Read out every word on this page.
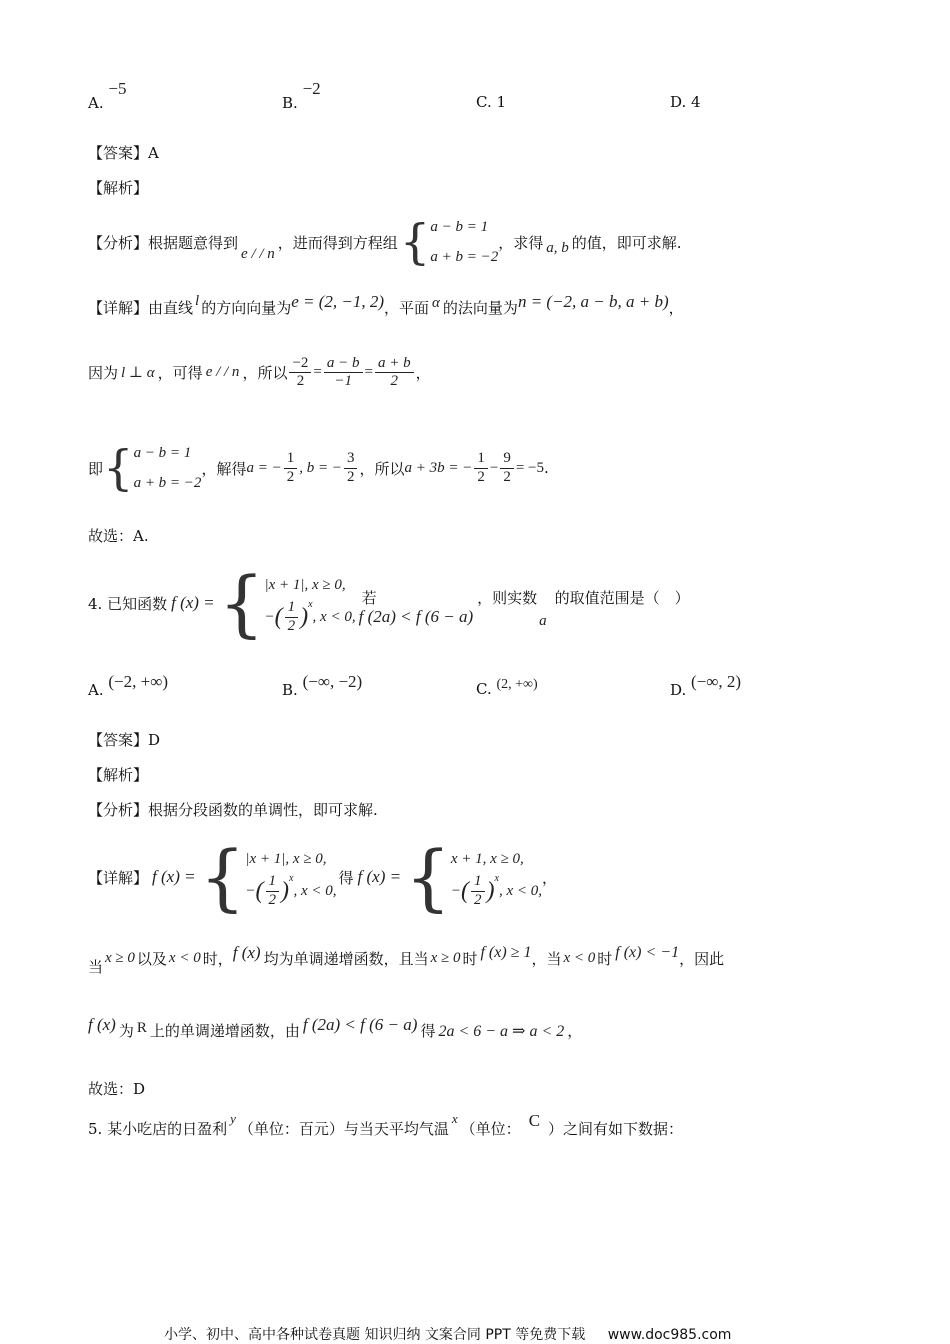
A. −5
B. −2
C. 1	D. 4
【答案】A
【解析】
【分析】 根据题意得到
e / / n
，进而得到方程组 { a − b = 1
a + b = −2
，求得 a, b 的值，即可求解.
【详解】 由直线 l 的方向向量为 e = (2, −1, 2) ，平面 α 的法向量为 n = (−2, a − b, a + b) ，
因为 l ⊥ α ，可得 e / / n ，所以 $\frac{-2}{2} = \frac{a - b}{-1} = \frac{a + b}{2}$ ，
即 { a − b = 1
a + b = −2
，解得 a = − $\frac{1}{2}$ , b = − $\frac{3}{2}$ ，所以 a + 3b = − $\frac{1}{2} - \frac{9}{2} = -5$ .
故选：A.
4. 已知函数 f (x) = { |x + 1|, x ≥ 0,
− ( $\frac{1}{2} )^x$
, x < 0,
若
f (2a) < f (6 − a)
，则实数
a
的取值范围是（　）
A. (−2, +∞)	B. (−∞, −2)	C. (2, +∞)	D. (−∞, 2)
【答案】D
【解析】
【分析】根据分段函数的单调性，即可求解.
【详解】 f (x) = { |x + 1|, x ≥ 0,
− ( $\frac{1}{2} )^x$
, x < 0,
得 f (x) = { x + 1, x ≥ 0,
− ( $\frac{1}{2} )^x$
, x < 0,
，
当 x ≥ 0 以及 x < 0 时， f (x) 均为单调递增函数，且当 x ≥ 0 时 f (x) ≥ 1 ，当 x < 0 时 f (x) < −1 ，因此
f (x) 为 R 上的单调递增函数，由 f (2a) < f (6 − a) 得 2a < 6 − a ⇒ a < 2 ，
故选：D
5. 某小吃店的日盈利
y
（单位：百元）与当天平均气温
x
（单位： C ）之间有如下数据：
小学、初中、高中各种试卷真题 知识归纳 文案合同 PPT 等免费下载 www.doc985.com
